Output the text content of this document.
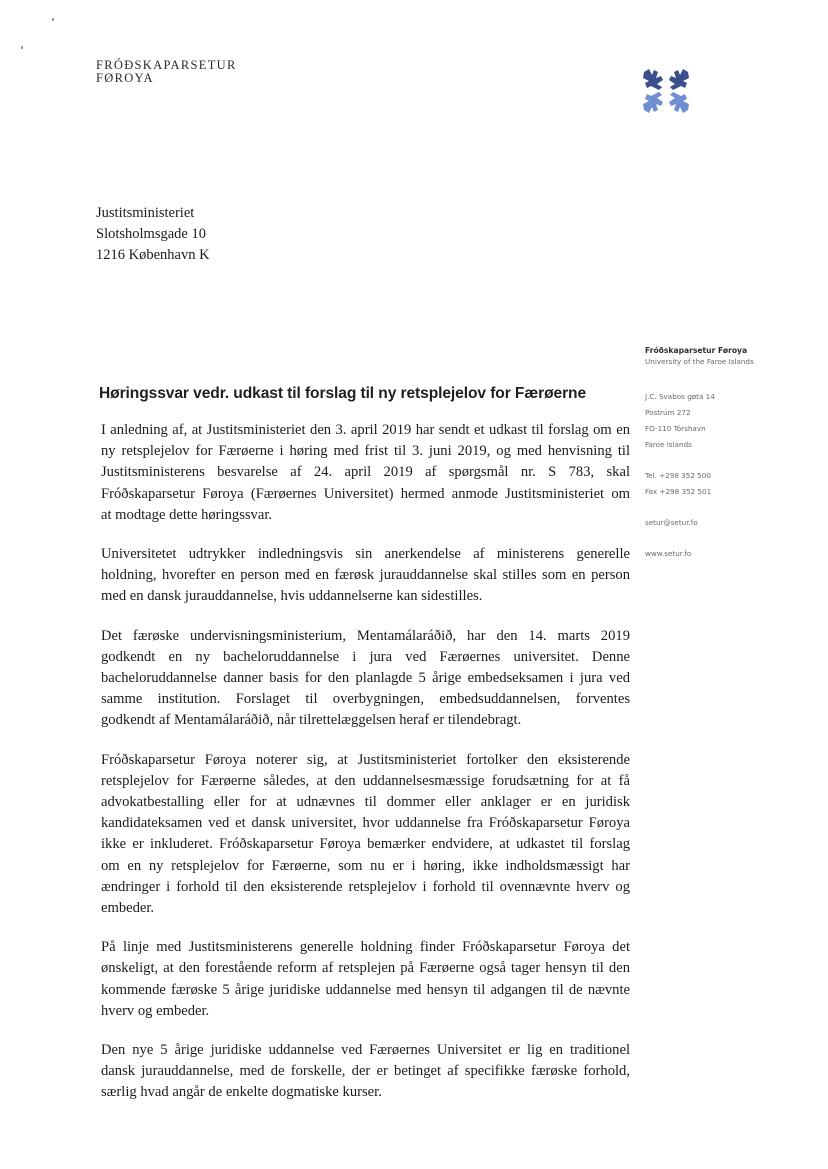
FRÓÐSKAPARSETUR
FØROYA
Justitsministeriet
Slotsholmsgade 10
1216 København K
Fróðskaparsetur Føroya
University of the Faroe Islands
J.C. Svabos gøta 14
Postrúm 272
FO-110 Tórshavn
Faroe Islands
Tel. +298 352 500
Fax +298 352 501
setur@setur.fo
www.setur.fo
Høringssvar vedr. udkast til forslag til ny retsplejelov for Færøerne

I anledning af, at Justitsministeriet den 3. april 2019 har sendt et udkast til forslag om en
ny retsplejelov for Færøerne i høring med frist til 3. juni 2019, og med henvisning til
Justitsministerens besvarelse af 24. april 2019 af spørgsmål nr. S 783, skal
Fróðskaparsetur Føroya (Færøernes Universitet) hermed anmode Justitsministeriet om
at modtage dette høringssvar.

Universitetet udtrykker indledningsvis sin anerkendelse af ministerens generelle
holdning, hvorefter en person med en færøsk jurauddannelse skal stilles som en person
med en dansk jurauddannelse, hvis uddannelserne kan sidestilles.

Det færøske undervisningsministerium, Mentamálaráðið, har den 14. marts 2019
godkendt en ny bacheloruddannelse i jura ved Færøernes universitet. Denne
bacheloruddannelse danner basis for den planlagde 5 årige embedseksamen i jura ved
samme institution. Forslaget til overbygningen, embedsuddannelsen, forventes
godkendt af Mentamálaráðið, når tilrettelæggelsen heraf er tilendebragt.

Fróðskaparsetur Føroya noterer sig, at Justitsministeriet fortolker den eksisterende
retsplejelov for Færøerne således, at den uddannelsesmæssige forudsætning for at få
advokatbestalling eller for at udnævnes til dommer eller anklager er en juridisk
kandidateksamen ved et dansk universitet, hvor uddannelse fra Fróðskaparsetur Føroya
ikke er inkluderet. Fróðskaparsetur Føroya bemærker endvidere, at udkastet til forslag
om en ny retsplejelov for Færøerne, som nu er i høring, ikke indholdsmæssigt har
ændringer i forhold til den eksisterende retsplejelov i forhold til ovennævnte hverv og
embeder.

På linje med Justitsministerens generelle holdning finder Fróðskaparsetur Føroya det
ønskeligt, at den forestående reform af retsplejen på Færøerne også tager hensyn til den
kommende færøske 5 årige juridiske uddannelse med hensyn til adgangen til de nævnte
hverv og embeder.

Den nye 5 årige juridiske uddannelse ved Færøernes Universitet er lig en traditionel
dansk jurauddannelse, med de forskelle, der er betinget af specifikke færøske forhold,
særlig hvad angår de enkelte dogmatiske kurser.
